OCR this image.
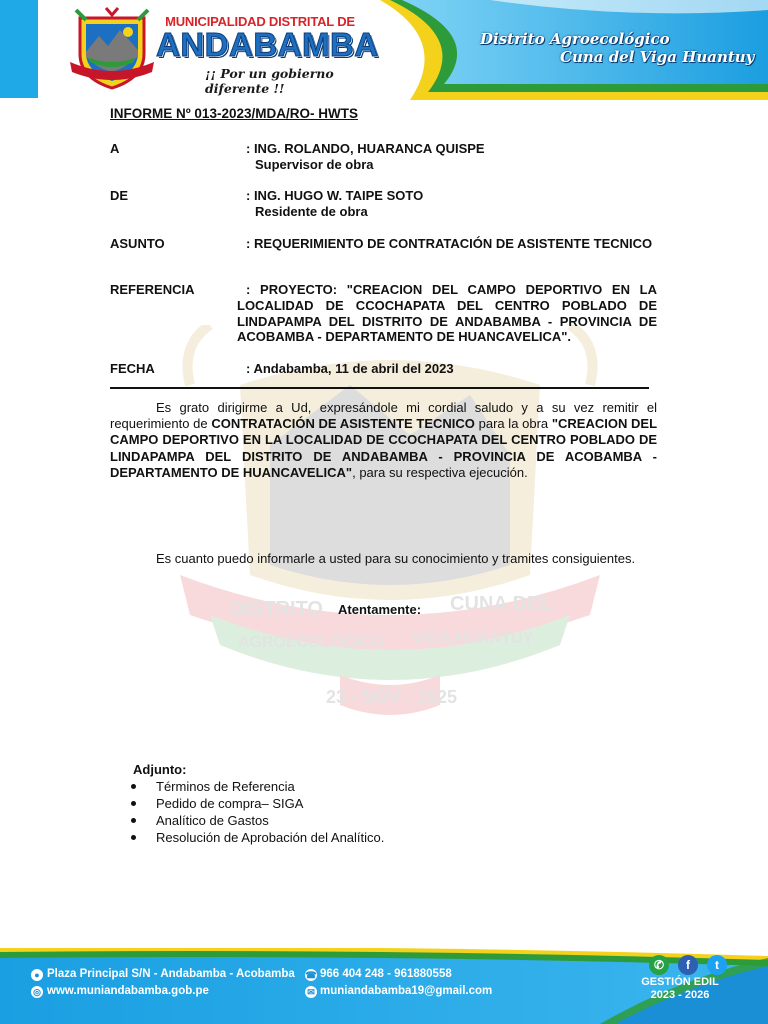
MUNICIPALIDAD DISTRITAL DE
ANDABAMBA
¡¡ Por un gobierno diferente !!
Distrito Agroecológico
Cuna del Viga Huantuy
DISTRITO	CUNA DEL
AGROECOLÓGICO VIGA HUANTUY
23 - NOV - 1925
INFORME Nº 013-2023/MDA/RO- HWTS
A	: ING. ROLANDO, HUARANCA QUISPE
Supervisor de obra
DE	: ING. HUGO W. TAIPE SOTO
Residente de obra
ASUNTO	: REQUERIMIENTO DE CONTRATACIÓN DE ASISTENTE TECNICO
REFERENCIA	: PROYECTO: "CREACION DEL CAMPO DEPORTIVO EN LA LOCALIDAD DE CCOCHAPATA DEL CENTRO POBLADO DE LINDAPAMPA DEL DISTRITO DE ANDABAMBA - PROVINCIA DE ACOBAMBA - DEPARTAMENTO DE HUANCAVELICA".
FECHA	: Andabamba, 11 de abril del 2023
Es grato dirigirme a Ud, expresándole mi cordial saludo y a su vez remitir el requerimiento de CONTRATACIÓN DE ASISTENTE TECNICO para la obra "CREACION DEL CAMPO DEPORTIVO EN LA LOCALIDAD DE CCOCHAPATA DEL CENTRO POBLADO DE LINDAPAMPA DEL DISTRITO DE ANDABAMBA - PROVINCIA DE ACOBAMBA - DEPARTAMENTO DE HUANCAVELICA", para su respectiva ejecución.
Es cuanto puedo informarle a usted para su conocimiento y tramites consiguientes.
Atentamente:
Adjunto:
Términos de Referencia
Pedido de compra– SIGA
Analítico de Gastos
Resolución de Aprobación del Analítico.
● Plaza Principal S/N - Andabamba - Acobamba
◎ www.muniandabamba.gob.pe
☎ 966 404 248 - 961880558
✉ muniandabamba19@gmail.com
✆	f	t
GESTIÓN EDIL
2023 - 2026
